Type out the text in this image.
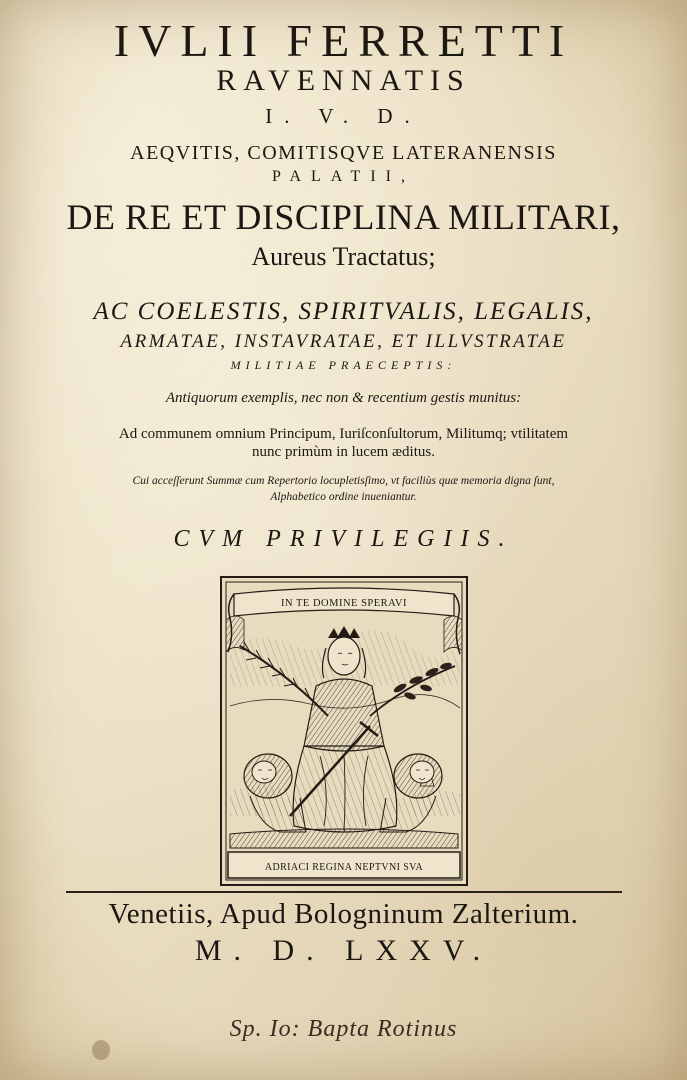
IVLII FERRETTI
RAVENNATIS
I. V. D.
AEQVITIS, COMITISQVE LATERANENSIS
PALATII,
DE RE ET DISCIPLINA MILITARI,
Aureus Tractatus;
AC COELESTIS, SPIRITVALIS, LEGALIS,
ARMATAE, INSTAVRATAE, ET ILLVSTRATAE
MILITIAE PRAECEPTIS:
Antiquorum exemplis, nec non & recentium gestis munitus:
Ad communem omnium Principum, Iuriſconſultorum, Militumq; vtilitatem
nunc primùm in lucem æditus.
Cui acceſſerunt Summæ cum Repertorio locupletisſimo, vt faciliùs quæ memoria digna ſunt,
Alphabetico ordine inueniantur.
CVM PRIVILEGIIS.
IN TE DOMINE SPERAVI
ADRIACI REGINA NEPTVNI SVA
Venetiis, Apud Bologninum Zalterium.
M. D. LXXV.
Sp. Io: Bapta Rotinus
